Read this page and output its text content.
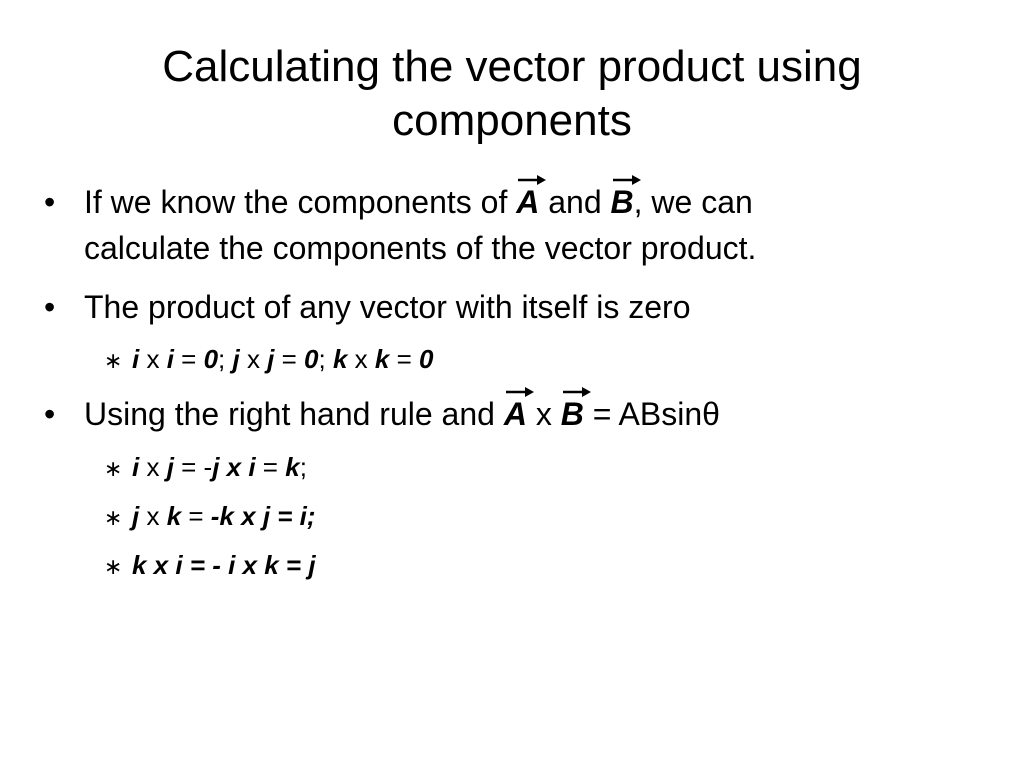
Calculating the vector product using
components
• If we know the components of
A and
B, we can
calculate the components of the vector product.
• The product of any vector with itself is zero
∗ i x i = 0; j x j = 0; k x k = 0
• Using the right hand rule and
A x
B = ABsinθ
∗ i x j = -j x i = k;
∗ j x k = -k x j = i;
∗ k x i = - i x k = j
